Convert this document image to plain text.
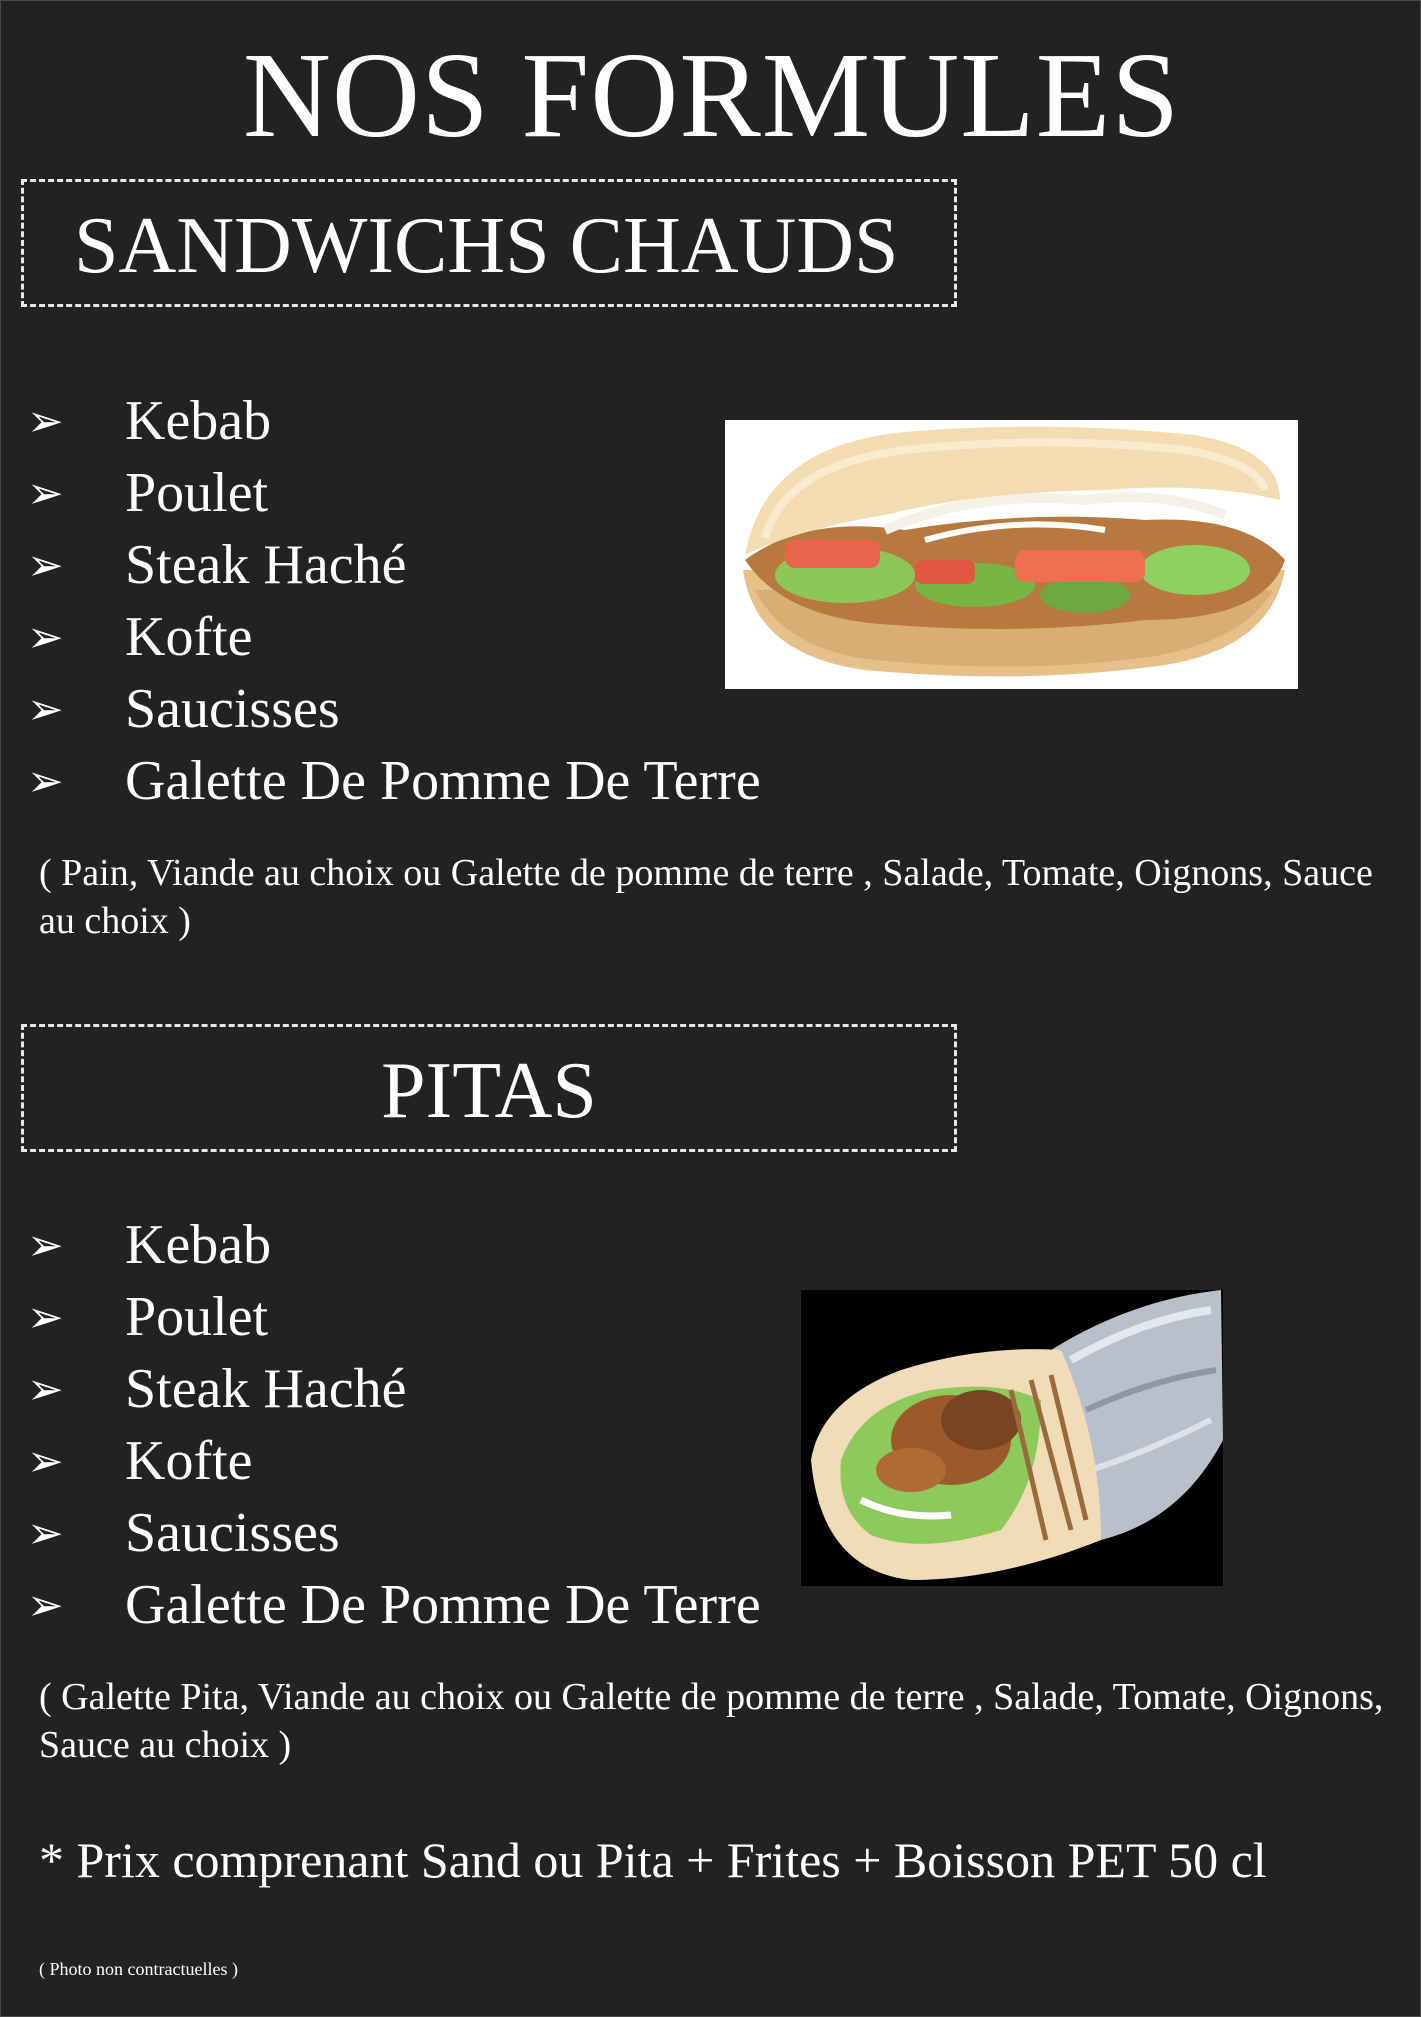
NOS FORMULES
SANDWICHS CHAUDS
➢	Kebab
➢	Poulet
➢	Steak Haché
➢	Kofte
➢	Saucisses
➢	Galette De Pomme De Terre
( Pain, Viande au choix ou Galette de pomme de terre , Salade, Tomate, Oignons, Sauce au choix )
PITAS
➢	Kebab
➢	Poulet
➢	Steak Haché
➢	Kofte
➢	Saucisses
➢	Galette De Pomme De Terre
( Galette Pita, Viande au choix ou Galette de pomme de terre , Salade, Tomate, Oignons, Sauce au choix )
* Prix comprenant Sand ou Pita + Frites + Boisson PET 50 cl
( Photo non contractuelles )
